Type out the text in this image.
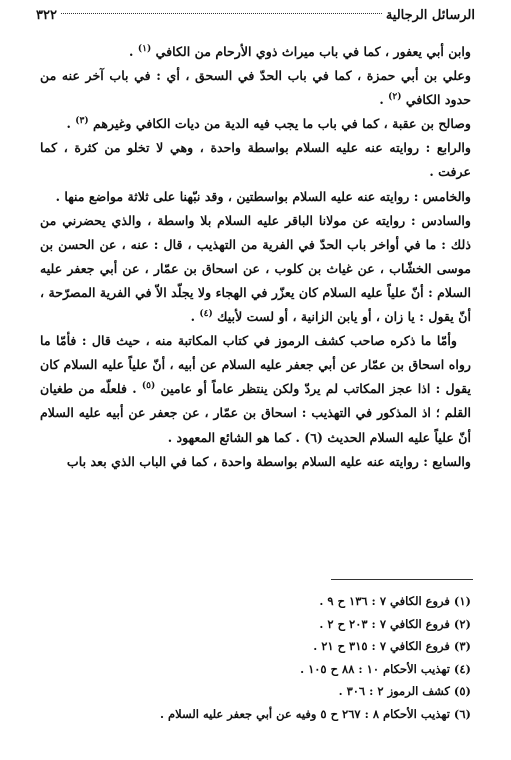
٣٢٢	الرسائل الرجالية

وابن أبي يعفور ، كما في باب ميراث ذوي الأرحام من الكافي $^{(١)}$ .

وعلي بن أبي حمزة ، كما في باب الحدّ في السحق ، أي : في باب آخر عنه من حدود الكافي $^{(٢)}$ .

وصالح بن عقبة ، كما في باب ما يجب فيه الدية من ديات الكافي وغيرهم $^{(٣)}$ .

والرابع : روايته عنه عليه السلام بواسطة واحدة ، وهي لا تخلو من كثرة ، كما عرفت .

والخامس : روايته عنه عليه السلام بواسطتين ، وقد نبّهنا على ثلاثة مواضع منها .

والسادس : روايته عن مولانا الباقر عليه السلام بلا واسطة ، والذي يحضرني من ذلك : ما في أواخر باب الحدّ في الفرية من التهذيب ، قال : عنه ، عن الحسن بن موسى الخشّاب ، عن غياث بن كلوب ، عن اسحاق بن عمّار ، عن أبي جعفر عليه السلام : أنّ علياً عليه السلام كان يعزّر في الهجاء ولا يجلّد الاّ في الفرية المصرّحة ، أنّ يقول : يا زان ، أو يابن الزانية ، أو لست لأبيك $^{(٤)}$ .

وأمّا ما ذكره صاحب كشف الرموز في كتاب المكاتبة منه ، حيث قال : فأمّا ما رواه اسحاق بن عمّار عن أبي جعفر عليه السلام عن أبيه ، أنّ علياً عليه السلام كان يقول : اذا عجز المكاتب لم يردّ ولكن ينتظر عاماً أو عامين $^{(٥)}$ . فلعلّه من طغيان القلم ؛ اذ المذكور في التهذيب : اسحاق بن عمّار ، عن جعفر عن أبيه عليه السلام أنّ علياً عليه السلام الحديث (٦) . كما هو الشائع المعهود .

والسابع : روايته عنه عليه السلام بواسطة واحدة ، كما في الباب الذي بعد باب

(١) فروع الكافي ٧ : ١٣٦ ح ٩ .

(٢) فروع الكافي ٧ : ٢٠٣ ح ٢ .

(٣) فروع الكافي ٧ : ٣١٥ ح ٢١ .

(٤) تهذيب الأحكام ١٠ : ٨٨ ح ١٠٥ .

(٥) كشف الرموز ٢ : ٣٠٦ .

(٦) تهذيب الأحكام ٨ : ٢٦٧ ح ٥ وفيه عن أبي جعفر عليه السلام .
